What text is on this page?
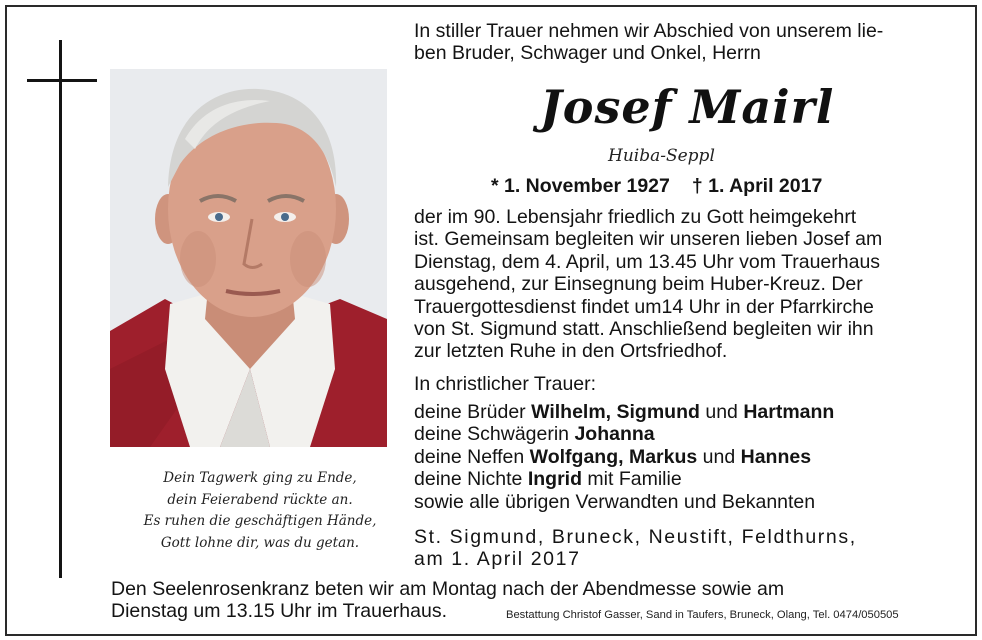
Dein Tagwerk ging zu Ende,
dein Feierabend rückte an.
Es ruhen die geschäftigen Hände,
Gott lohne dir, was du getan.
In stiller Trauer nehmen wir Abschied von unserem lie-
ben Bruder, Schwager und Onkel, Herrn
Josef Mairl
Huiba-Seppl
* 1. November 1927 † 1. April 2017
der im 90. Lebensjahr friedlich zu Gott heimgekehrt
ist. Gemeinsam begleiten wir unseren lieben Josef am
Dienstag, dem 4. April, um 13.45 Uhr vom Trauerhaus
ausgehend, zur Einsegnung beim Huber-Kreuz. Der
Trauergottesdienst findet um14 Uhr in der Pfarrkirche
von St. Sigmund statt. Anschließend begleiten wir ihn
zur letzten Ruhe in den Ortsfriedhof.
In christlicher Trauer:
deine Brüder Wilhelm, Sigmund und Hartmann
deine Schwägerin Johanna
deine Neffen Wolfgang, Markus und Hannes
deine Nichte Ingrid mit Familie
sowie alle übrigen Verwandten und Bekannten
St. Sigmund, Bruneck, Neustift, Feldthurns,
am 1. April 2017
Den Seelenrosenkranz beten wir am Montag nach der Abendmesse sowie am
Dienstag um 13.15 Uhr im Trauerhaus.	Bestattung Christof Gasser, Sand in Taufers, Bruneck, Olang, Tel. 0474/050505
